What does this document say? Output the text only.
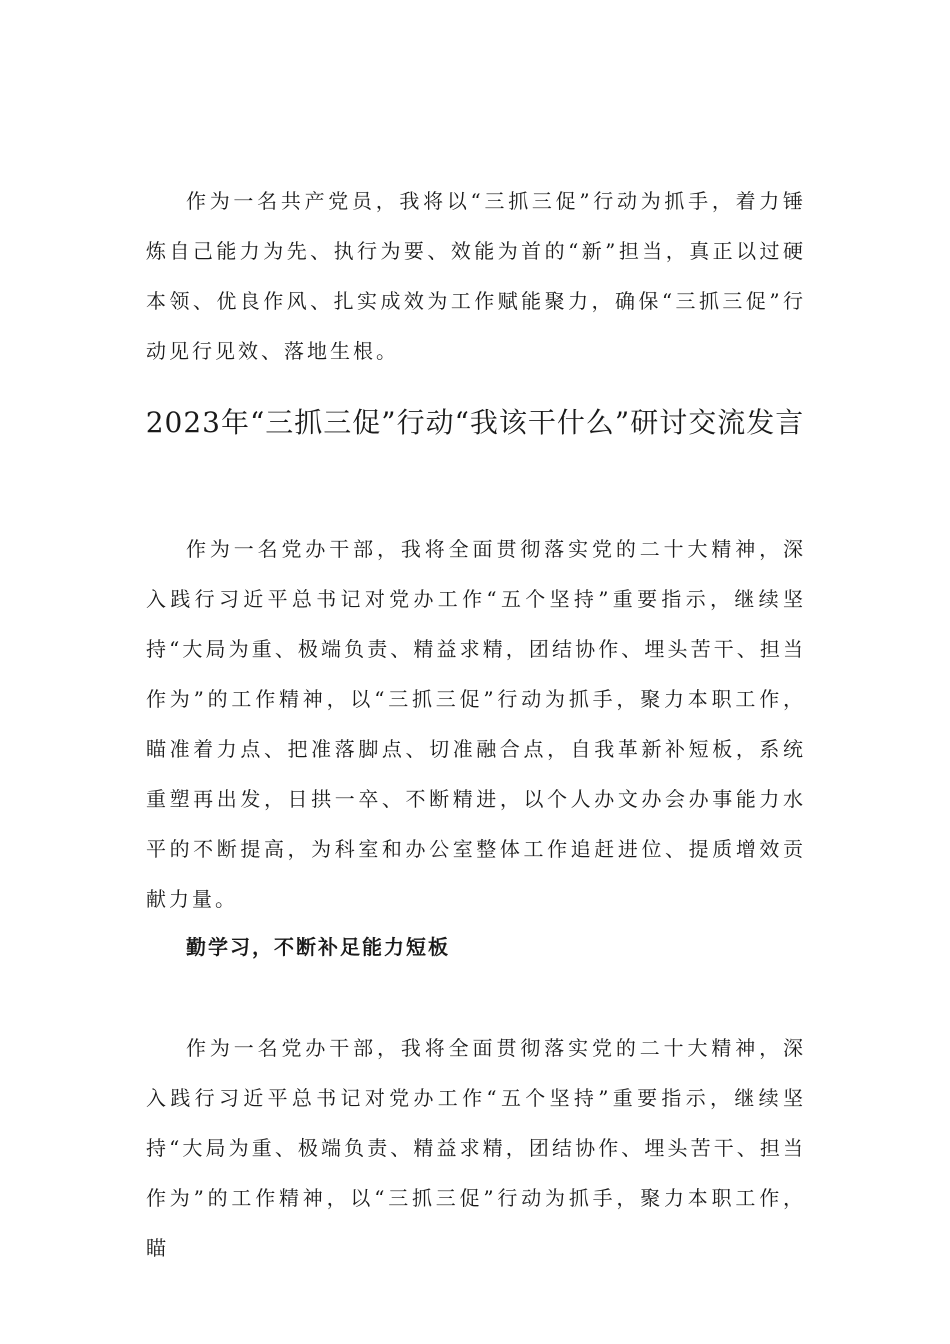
作为一名共产党员，我将以“三抓三促”行动为抓手，着力锤炼自己能力为先、执行为要、效能为首的“新”担当，真正以过硬本领、优良作风、扎实成效为工作赋能聚力，确保“三抓三促”行动见行见效、落地生根。

2023年“三抓三促”行动“我该干什么”研讨交流发言

作为一名党办干部，我将全面贯彻落实党的二十大精神，深入践行习近平总书记对党办工作“五个坚持”重要指示，继续坚持“大局为重、极端负责、精益求精，团结协作、埋头苦干、担当作为”的工作精神，以“三抓三促”行动为抓手，聚力本职工作，瞄准着力点、把准落脚点、切准融合点，自我革新补短板，系统重塑再出发，日拱一卒、不断精进，以个人办文办会办事能力水平的不断提高，为科室和办公室整体工作追赶进位、提质增效贡献力量。

勤学习，不断补足能力短板

作为一名党办干部，我将全面贯彻落实党的二十大精神，深入践行习近平总书记对党办工作“五个坚持”重要指示，继续坚持“大局为重、极端负责、精益求精，团结协作、埋头苦干、担当作为”的工作精神，以“三抓三促”行动为抓手，聚力本职工作，瞄
